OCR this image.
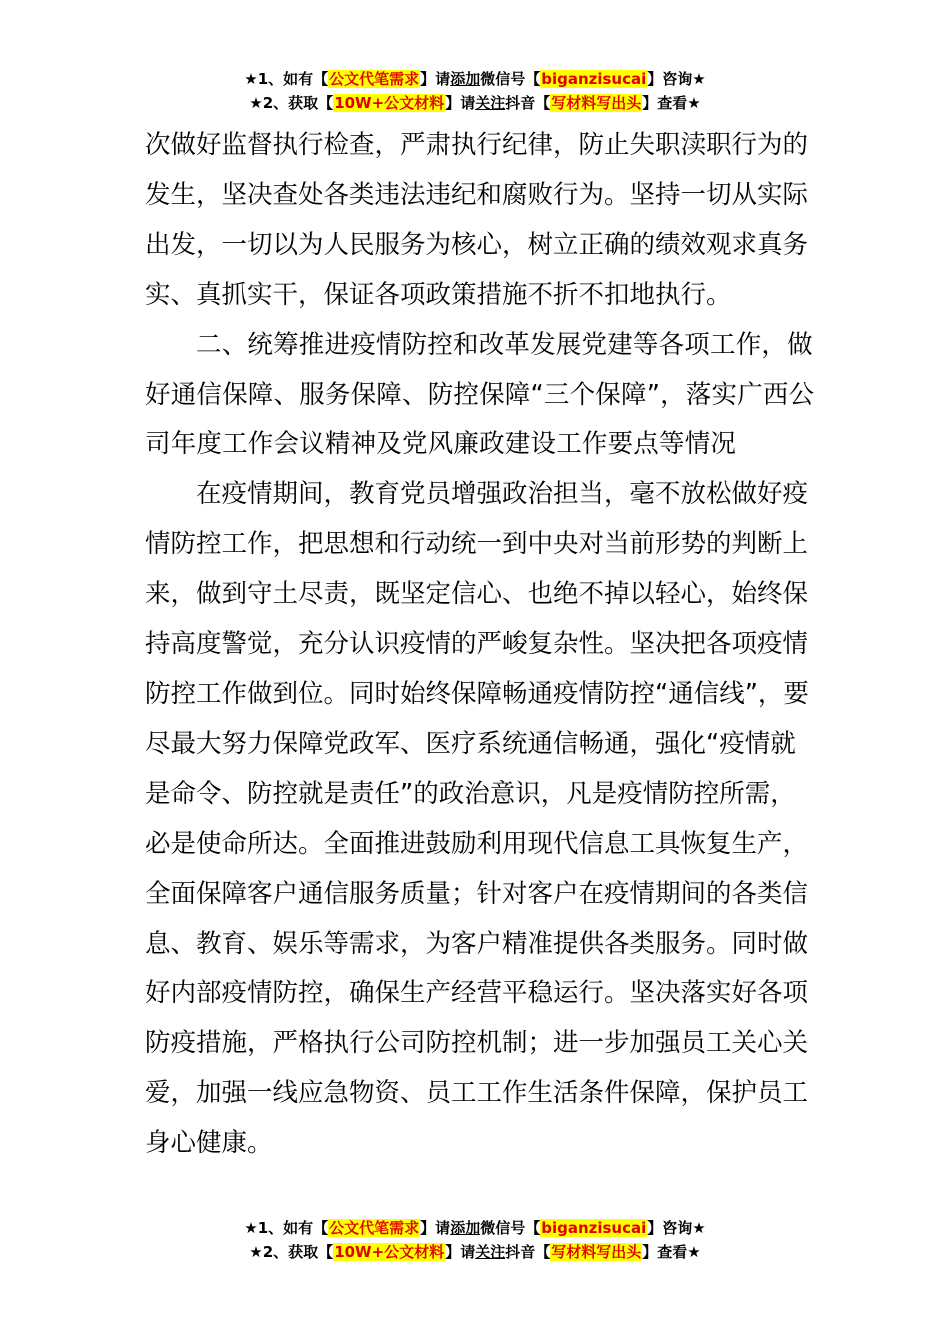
★1、如有【公文代笔需求】请添加微信号【biganzisucai】咨询★
★2、获取【10W+公文材料】请关注抖音【写材料写出头】查看★

次做好监督执行检查，严肃执行纪律，防止失职渎职行为的发生，坚决查处各类违法违纪和腐败行为。坚持一切从实际出发，一切以为人民服务为核心，树立正确的绩效观求真务实、真抓实干，保证各项政策措施不折不扣地执行。

二、统筹推进疫情防控和改革发展党建等各项工作，做好通信保障、服务保障、防控保障“三个保障”，落实广西公司年度工作会议精神及党风廉政建设工作要点等情况

在疫情期间，教育党员增强政治担当，毫不放松做好疫情防控工作，把思想和行动统一到中央对当前形势的判断上来，做到守土尽责，既坚定信心、也绝不掉以轻心，始终保持高度警觉，充分认识疫情的严峻复杂性。坚决把各项疫情防控工作做到位。同时始终保障畅通疫情防控“通信线”，要尽最大努力保障党政军、医疗系统通信畅通，强化“疫情就是命令、防控就是责任”的政治意识，凡是疫情防控所需，必是使命所达。全面推进鼓励利用现代信息工具恢复生产，全面保障客户通信服务质量；针对客户在疫情期间的各类信息、教育、娱乐等需求，为客户精准提供各类服务。同时做好内部疫情防控，确保生产经营平稳运行。坚决落实好各项防疫措施，严格执行公司防控机制；进一步加强员工关心关爱，加强一线应急物资、员工工作生活条件保障，保护员工身心健康。

★1、如有【公文代笔需求】请添加微信号【biganzisucai】咨询★
★2、获取【10W+公文材料】请关注抖音【写材料写出头】查看★
